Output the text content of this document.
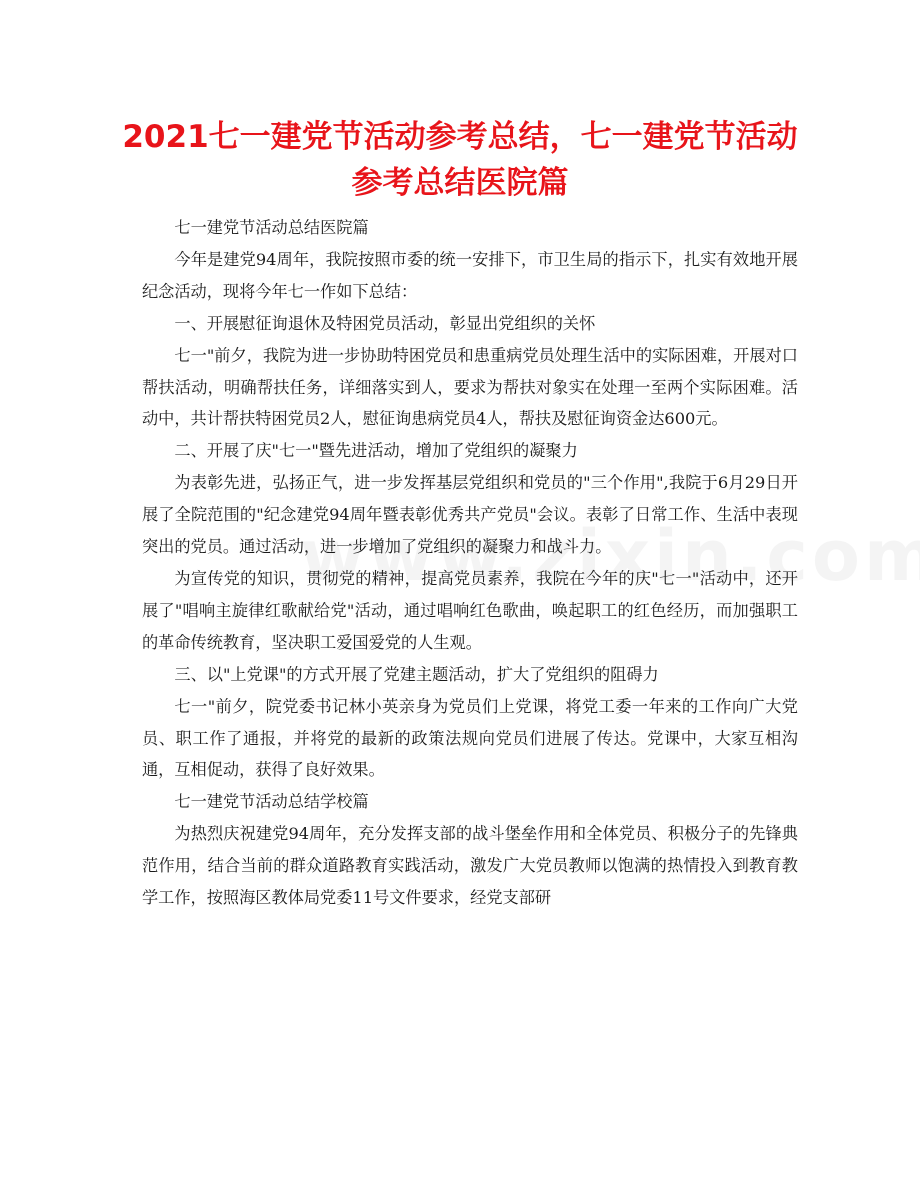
2021七一建党节活动参考总结，七一建党节活动参考总结医院篇

七一建党节活动总结医院篇

今年是建党94周年，我院按照市委的统一安排下，市卫生局的指示下，扎实有效地开展纪念活动，现将今年七一作如下总结：

一、开展慰征询退休及特困党员活动，彰显出党组织的关怀

七一"前夕，我院为进一步协助特困党员和患重病党员处理生活中的实际困难，开展对口帮扶活动，明确帮扶任务，详细落实到人，要求为帮扶对象实在处理一至两个实际困难。活动中，共计帮扶特困党员2人，慰征询患病党员4人，帮扶及慰征询资金达600元。

二、开展了庆"七一"暨先进活动，增加了党组织的凝聚力

为表彰先进，弘扬正气，进一步发挥基层党组织和党员的"三个作用",我院于6月29日开展了全院范围的"纪念建党94周年暨表彰优秀共产党员"会议。表彰了日常工作、生活中表现突出的党员。通过活动，进一步增加了党组织的凝聚力和战斗力。

为宣传党的知识，贯彻党的精神，提高党员素养，我院在今年的庆"七一"活动中，还开展了"唱响主旋律红歌献给党"活动，通过唱响红色歌曲，唤起职工的红色经历，而加强职工的革命传统教育，坚决职工爱国爱党的人生观。

三、以"上党课"的方式开展了党建主题活动，扩大了党组织的阻碍力

七一"前夕，院党委书记林小英亲身为党员们上党课，将党工委一年来的工作向广大党员、职工作了通报，并将党的最新的政策法规向党员们进展了传达。党课中，大家互相沟通，互相促动，获得了良好效果。

七一建党节活动总结学校篇

为热烈庆祝建党94周年，充分发挥支部的战斗堡垒作用和全体党员、积极分子的先锋典范作用，结合当前的群众道路教育实践活动，激发广大党员教师以饱满的热情投入到教育教学工作，按照海区教体局党委11号文件要求，经党支部研
